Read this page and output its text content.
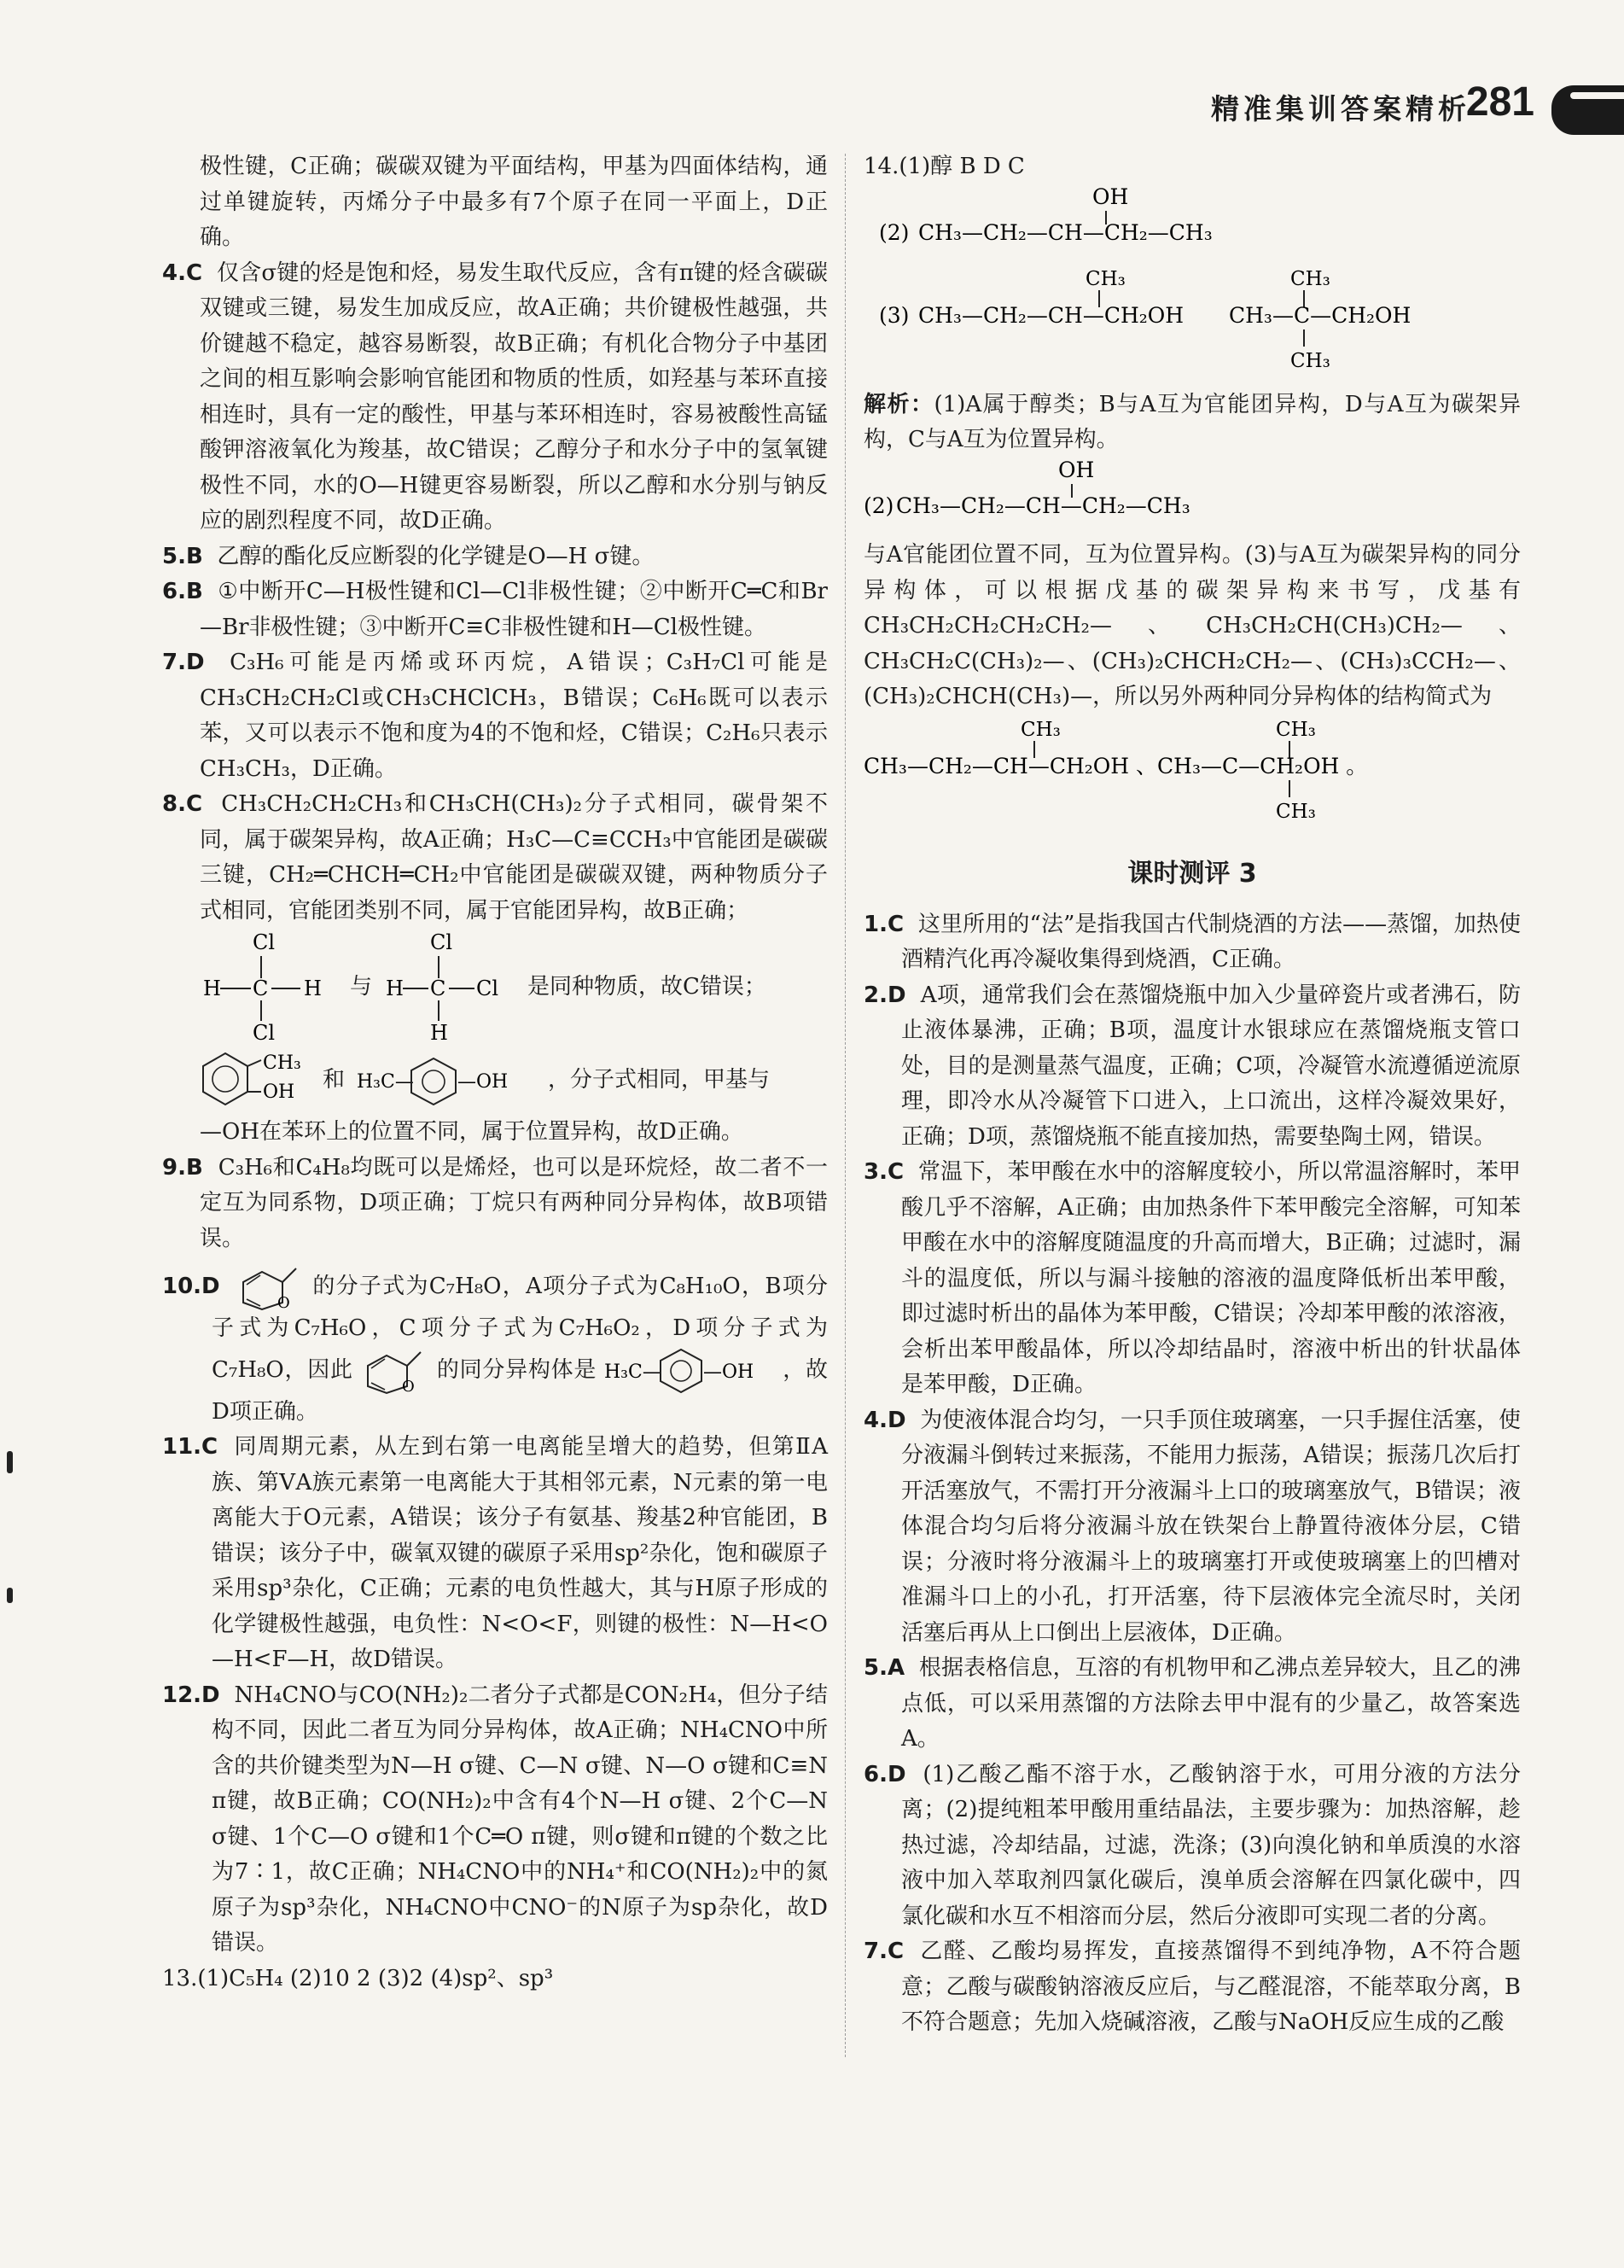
精准集训答案精析
281

极性键，C正确；碳碳双键为平面结构，甲基为四面体结构，通过单键旋转，丙烯分子中最多有7个原子在同一平面上，D正确。

4.C 仅含σ键的烃是饱和烃，易发生取代反应，含有π键的烃含碳碳双键或三键，易发生加成反应，故A正确；共价键极性越强，共价键越不稳定，越容易断裂，故B正确；有机化合物分子中基团之间的相互影响会影响官能团和物质的性质，如羟基与苯环直接相连时，具有一定的酸性，甲基与苯环相连时，容易被酸性高锰酸钾溶液氧化为羧基，故C错误；乙醇分子和水分子中的氢氧键极性不同，水的O—H键更容易断裂，所以乙醇和水分别与钠反应的剧烈程度不同，故D正确。

5.B 乙醇的酯化反应断裂的化学键是O—H σ键。

6.B ①中断开C—H极性键和Cl—Cl非极性键；②中断开C═C和Br—Br非极性键；③中断开C≡C非极性键和H—Cl极性键。

7.D C₃H₆可能是丙烯或环丙烷，A错误；C₃H₇Cl可能是CH₃CH₂CH₂Cl或CH₃CHClCH₃，B错误；C₆H₆既可以表示苯，又可以表示不饱和度为4的不饱和烃，C错误；C₂H₆只表示CH₃CH₃，D正确。

8.C CH₃CH₂CH₂CH₃和CH₃CH(CH₃)₂分子式相同，碳骨架不同，属于碳架异构，故A正确；H₃C—C≡CCH₃中官能团是碳碳三键，CH₂═CHCH═CH₂中官能团是碳碳双键，两种物质分子式相同，官能团类别不同，属于官能团异构，故B正确；

Cl
H C H
Cl
与
Cl
H C Cl
H
是同种物质，故C错误；
CH₃
OH 和 H₃C— —OH ，分子式相同，甲基与

—OH在苯环上的位置不同，属于位置异构，故D正确。

9.B C₃H₆和C₄H₈均既可以是烯烃，也可以是环烷烃，故二者不一定互为同系物，D项正确；丁烷只有两种同分异构体，故B项错误。

10.D
O
的分子式为C₇H₈O，A项分子式为C₈H₁₀O，B项分子式为C₇H₆O，C项分子式为C₇H₆O₂，D项分子式为 C₇H₈O，因此
O
的同分异构体是 H₃C— —OH ，故D项正确。

11.C 同周期元素，从左到右第一电离能呈增大的趋势，但第ⅡA族、第ⅤA族元素第一电离能大于其相邻元素，N元素的第一电离能大于O元素，A错误；该分子有氨基、羧基2种官能团，B错误；该分子中，碳氧双键的碳原子采用sp²杂化，饱和碳原子采用sp³杂化，C正确；元素的电负性越大，其与H原子形成的化学键极性越强，电负性：N<O<F，则键的极性：N—H<O—H<F—H，故D错误。

12.D NH₄CNO与CO(NH₂)₂二者分子式都是CON₂H₄，但分子结构不同，因此二者互为同分异构体，故A正确；NH₄CNO中所含的共价键类型为N—H σ键、C—N σ键、N—O σ键和C≡N π键，故B正确；CO(NH₂)₂中含有4个N—H σ键、2个C—N σ键、1个C—O σ键和1个C═O π键，则σ键和π键的个数之比为7∶1，故C正确；NH₄CNO中的NH₄⁺和CO(NH₂)₂中的氮原子为sp³杂化，NH₄CNO中CNO⁻的N原子为sp杂化，故D错误。

13.(1)C₅H₄ (2)10 2 (3)2 (4)sp²、sp³

14.(1)醇 B D C

(2)
OH
CH₃—CH₂—CH—CH₂—CH₃
(3)
CH₃
CH₃—CH₂—CH—CH₂OH
CH₃
CH₃—C—CH₂OH
CH₃

解析：(1)A属于醇类；B与A互为官能团异构，D与A互为碳架异构，C与A互为位置异构。

(2)
OH
CH₃—CH₂—CH—CH₂—CH₃

与A官能团位置不同，互为位置异构。(3)与A互为碳架异构的同分异构体，可以根据戊基的碳架异构来书写，戊基有CH₃CH₂CH₂CH₂CH₂—、CH₃CH₂CH(CH₃)CH₂—、CH₃CH₂C(CH₃)₂—、(CH₃)₂CHCH₂CH₂—、(CH₃)₃CCH₂—、(CH₃)₂CHCH(CH₃)—，所以另外两种同分异构体的结构简式为

CH₃	CH₃
CH₃—CH₂—CH—CH₂OH 、CH₃—C—CH₂OH 。
CH₃
课时测评 3

1.C 这里所用的“法”是指我国古代制烧酒的方法——蒸馏，加热使酒精汽化再冷凝收集得到烧酒，C正确。

2.D A项，通常我们会在蒸馏烧瓶中加入少量碎瓷片或者沸石，防止液体暴沸，正确；B项，温度计水银球应在蒸馏烧瓶支管口处，目的是测量蒸气温度，正确；C项，冷凝管水流遵循逆流原理，即冷水从冷凝管下口进入，上口流出，这样冷凝效果好，正确；D项，蒸馏烧瓶不能直接加热，需要垫陶土网，错误。

3.C 常温下，苯甲酸在水中的溶解度较小，所以常温溶解时，苯甲酸几乎不溶解，A正确；由加热条件下苯甲酸完全溶解，可知苯甲酸在水中的溶解度随温度的升高而增大，B正确；过滤时，漏斗的温度低，所以与漏斗接触的溶液的温度降低析出苯甲酸，即过滤时析出的晶体为苯甲酸，C错误；冷却苯甲酸的浓溶液，会析出苯甲酸晶体，所以冷却结晶时，溶液中析出的针状晶体是苯甲酸，D正确。

4.D 为使液体混合均匀，一只手顶住玻璃塞，一只手握住活塞，使分液漏斗倒转过来振荡，不能用力振荡，A错误；振荡几次后打开活塞放气，不需打开分液漏斗上口的玻璃塞放气，B错误；液体混合均匀后将分液漏斗放在铁架台上静置待液体分层，C错误；分液时将分液漏斗上的玻璃塞打开或使玻璃塞上的凹槽对准漏斗口上的小孔，打开活塞，待下层液体完全流尽时，关闭活塞后再从上口倒出上层液体，D正确。

5.A 根据表格信息，互溶的有机物甲和乙沸点差异较大，且乙的沸点低，可以采用蒸馏的方法除去甲中混有的少量乙，故答案选A。

6.D (1)乙酸乙酯不溶于水，乙酸钠溶于水，可用分液的方法分离；(2)提纯粗苯甲酸用重结晶法，主要步骤为：加热溶解，趁热过滤，冷却结晶，过滤，洗涤；(3)向溴化钠和单质溴的水溶液中加入萃取剂四氯化碳后，溴单质会溶解在四氯化碳中，四氯化碳和水互不相溶而分层，然后分液即可实现二者的分离。

7.C 乙醛、乙酸均易挥发，直接蒸馏得不到纯净物，A不符合题意；乙酸与碳酸钠溶液反应后，与乙醛混溶，不能萃取分离，B不符合题意；先加入烧碱溶液，乙酸与NaOH反应生成的乙酸
